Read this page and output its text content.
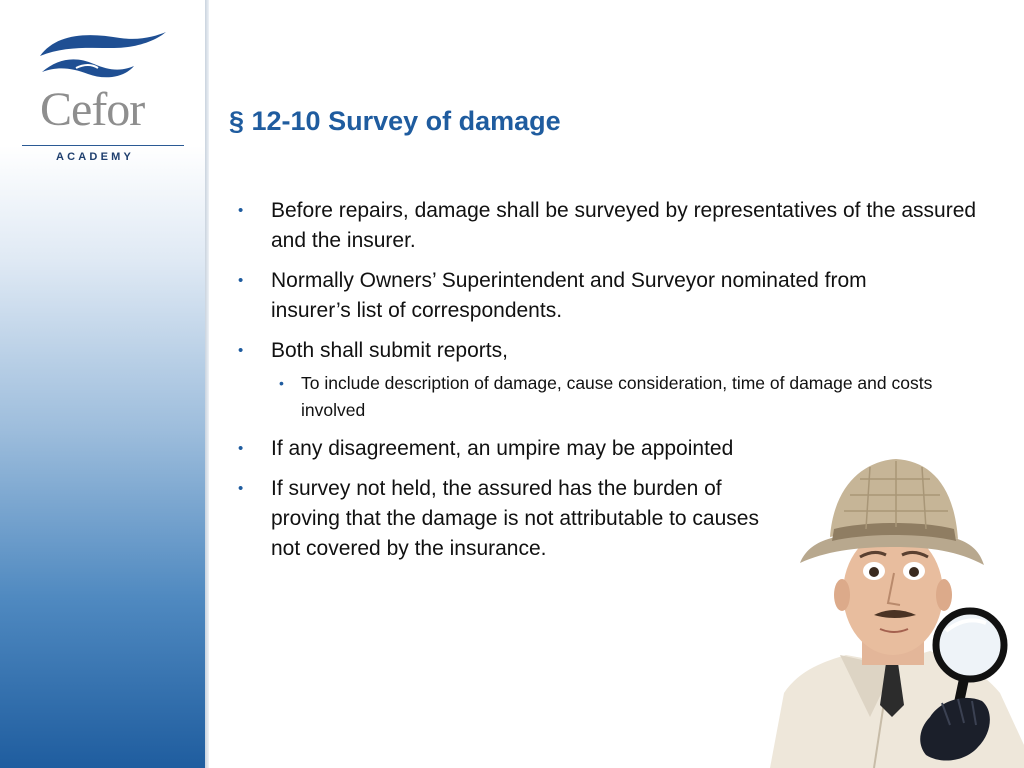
Cefor
ACADEMY
§ 12-10 Survey of damage
• Before repairs, damage shall be surveyed by representatives of the assured and the insurer.
• Normally Owners’ Superintendent and Surveyor nominated from insurer’s list of correspondents.
• Both shall submit reports,
• To include description of damage, cause consideration, time of damage and costs involved
• If any disagreement, an umpire may be appointed
• If survey not held, the assured has the burden of proving that the damage is not attributable to causes not covered by the insurance.
